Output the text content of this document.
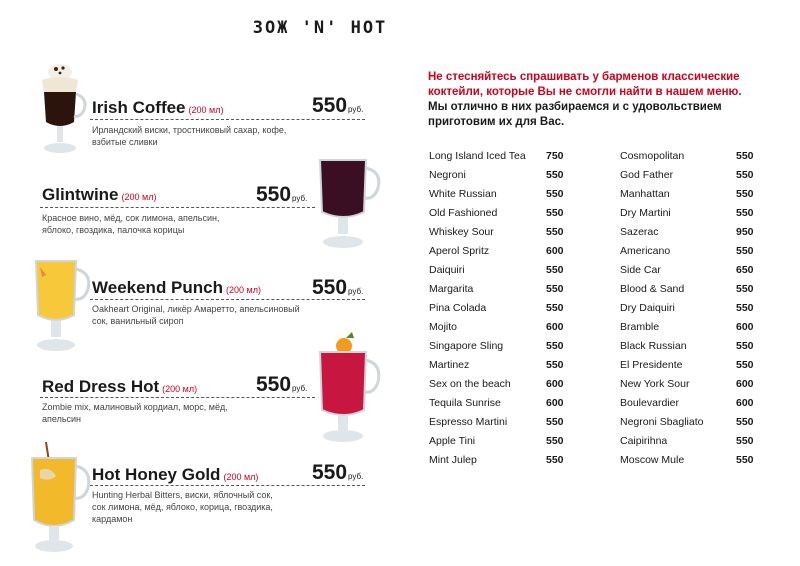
ЗОЖ 'N' HOT
Irish Coffee (200 мл)	550руб.
Ирландский виски, тростниковый сахар, кофе, взбитые сливки
Glintwine (200 мл)	550руб.
Красное вино, мёд, сок лимона, апельсин, яблоко, гвоздика, палочка корицы
Weekend Punch (200 мл) 550руб.
Oakheart Original, ликёр Амаретто, апельсиновый сок, ванильный сироп
Red Dress Hot (200 мл)	550руб.
Zombie mix, малиновый кордиал, морс, мёд, апельсин
Hot Honey Gold (200 мл)	550руб.
Hunting Herbal Bitters, виски, яблочный сок, сок лимона, мёд, яблоко, корица, гвоздика, кардамон
Не стесняйтесь спрашивать у барменов классические коктейли, которые Вы не смогли найти в нашем меню.
Мы отлично в них разбираемся и с удовольствием приготовим их для Вас.
Long Island Iced Tea 750
Negroni	550
White Russian	550
Old Fashioned	550
Whiskey Sour	550
Aperol Spritz	600
Daiquiri	550
Margarita	550
Pina Colada	550
Mojito	600
Singapore Sling	550
Martinez	550
Sex on the beach	600
Tequila Sunrise	600
Espresso Martini	550
Apple Tini	550
Mint Julep	550
Cosmopolitan	550
God Father	550
Manhattan	550
Dry Martini	550
Sazerac	950
Americano	550
Side Car	650
Blood & Sand	550
Dry Daiquiri	550
Bramble	600
Black Russian	550
El Presidente	550
New York Sour	600
Boulevardier	600
Negroni Sbagliato	550
Caipirihna	550
Moscow Mule	550
